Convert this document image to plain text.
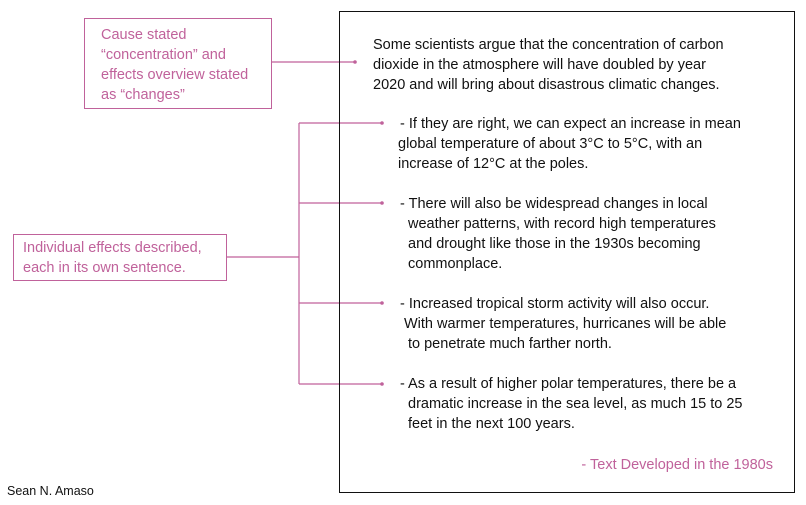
Cause stated
“concentration” and
effects overview stated
as “changes”
Individual effects described,
each in its own sentence.
Some scientists argue that the concentration of carbon
dioxide in the atmosphere will have doubled by year
2020 and will bring about disastrous climatic changes.
- If they are right, we can expect an increase in mean
global temperature of about 3°C to 5°C, with an
increase of 12°C at the poles.
- There will also be widespread changes in local
weather patterns, with record high temperatures
and drought like those in the 1930s becoming
commonplace.
- Increased tropical storm activity will also occur.
With warmer temperatures, hurricanes will be able
to penetrate much farther north.
- As a result of higher polar temperatures, there be a
dramatic increase in the sea level, as much 15 to 25
feet in the next 100 years.
- Text Developed in the 1980s
Sean N. Amaso
